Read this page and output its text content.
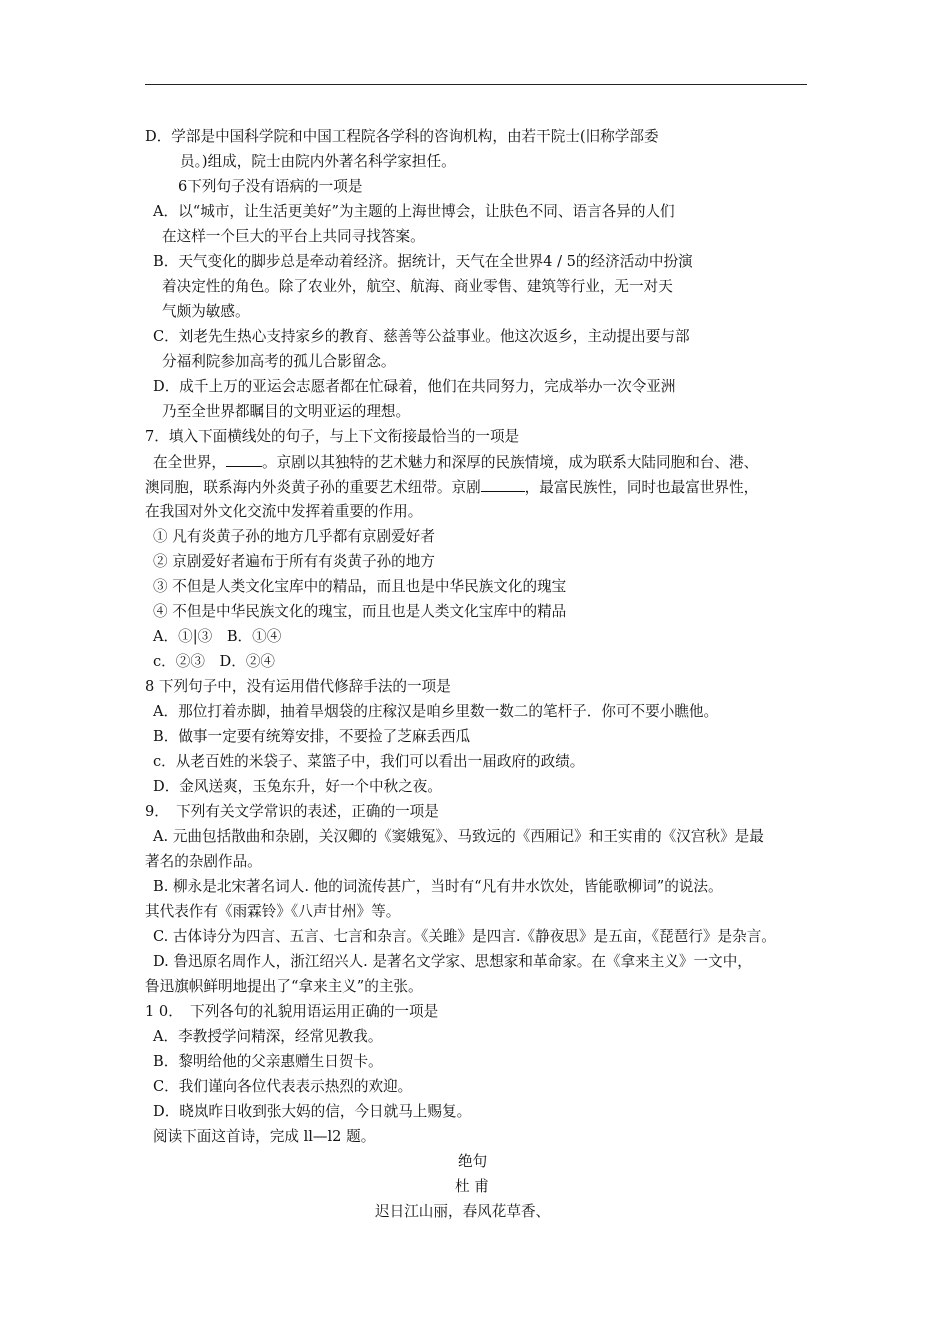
D．学部是中国科学院和中国工程院各学科的咨询机构，由若干院士(旧称学部委
员。)组成，院士由院内外著名科学家担任。
6下列句子没有语病的一项是
A．以“城市，让生活更美好”为主题的上海世博会，让肤色不同、语言各异的人们
在这样一个巨大的平台上共同寻找答案。
B．天气变化的脚步总是牵动着经济。据统计，天气在全世界4 / 5的经济活动中扮演
着决定性的角色。除了农业外，航空、航海、商业零售、建筑等行业，无一对天
气颇为敏感。
C．刘老先生热心支持家乡的教育、慈善等公益事业。他这次返乡，主动提出要与部
分福利院参加高考的孤儿合影留念。
D．成千上万的亚运会志愿者都在忙碌着，他们在共同努力，完成举办一次令亚洲
乃至全世界都瞩目的文明亚运的理想。
7．填入下面横线处的句子，与上下文衔接最恰当的一项是
在全世界， 。京剧以其独特的艺术魅力和深厚的民族情境，成为联系大陆同胞和台、港、
澳同胞，联系海内外炎黄子孙的重要艺术纽带。京剧	，最富民族性，同时也最富世界性，
在我国对外文化交流中发挥着重要的作用。
① 凡有炎黄子孙的地方几乎都有京剧爱好者
② 京剧爱好者遍布于所有有炎黄子孙的地方
③ 不但是人类文化宝库中的精品，而且也是中华民族文化的瑰宝
④ 不但是中华民族文化的瑰宝，而且也是人类文化宝库中的精品
A．①|③　B．①④
c．②③　D．②④
8 下列句子中，没有运用借代修辞手法的一项是
A．那位打着赤脚，抽着旱烟袋的庄稼汉是咱乡里数一数二的笔杆子．你可不要小瞧他。
B．做事一定要有统筹安排，不要捡了芝麻丢西瓜
c．从老百姓的米袋子、菜篮子中，我们可以看出一届政府的政绩。
D．金风送爽，玉兔东升，好一个中秋之夜。
9．　下列有关文学常识的表述，正确的一项是
A. 元曲包括散曲和杂剧，关汉卿的《窦娥冤》、马致远的《西厢记》和王实甫的《汉宫秋》是最
著名的杂剧作品。
B. 柳永是北宋著名词人. 他的词流传甚广，当时有“凡有井水饮处，皆能歌柳词”的说法。
其代表作有《雨霖铃》《八声甘州》等。
C. 古体诗分为四言、五言、七言和杂言。《关雎》是四言.《静夜思》是五亩，《琵琶行》是杂言。
D. 鲁迅原名周作人，浙江绍兴人. 是著名文学家、思想家和革命家。在《拿来主义》一文中，
鲁迅旗帜鲜明地提出了“拿来主义”的主张。
1 0．　下列各句的礼貌用语运用正确的一项是
A．李教授学问精深，经常见教我。
B．黎明给他的父亲惠赠生日贺卡。
C．我们谨向各位代表表示热烈的欢迎。
D．晓岚昨日收到张大妈的信，今日就马上赐复。
阅读下面这首诗，完成 ll—l2 题。
绝句
杜 甫
迟日江山丽，春风花草香、
